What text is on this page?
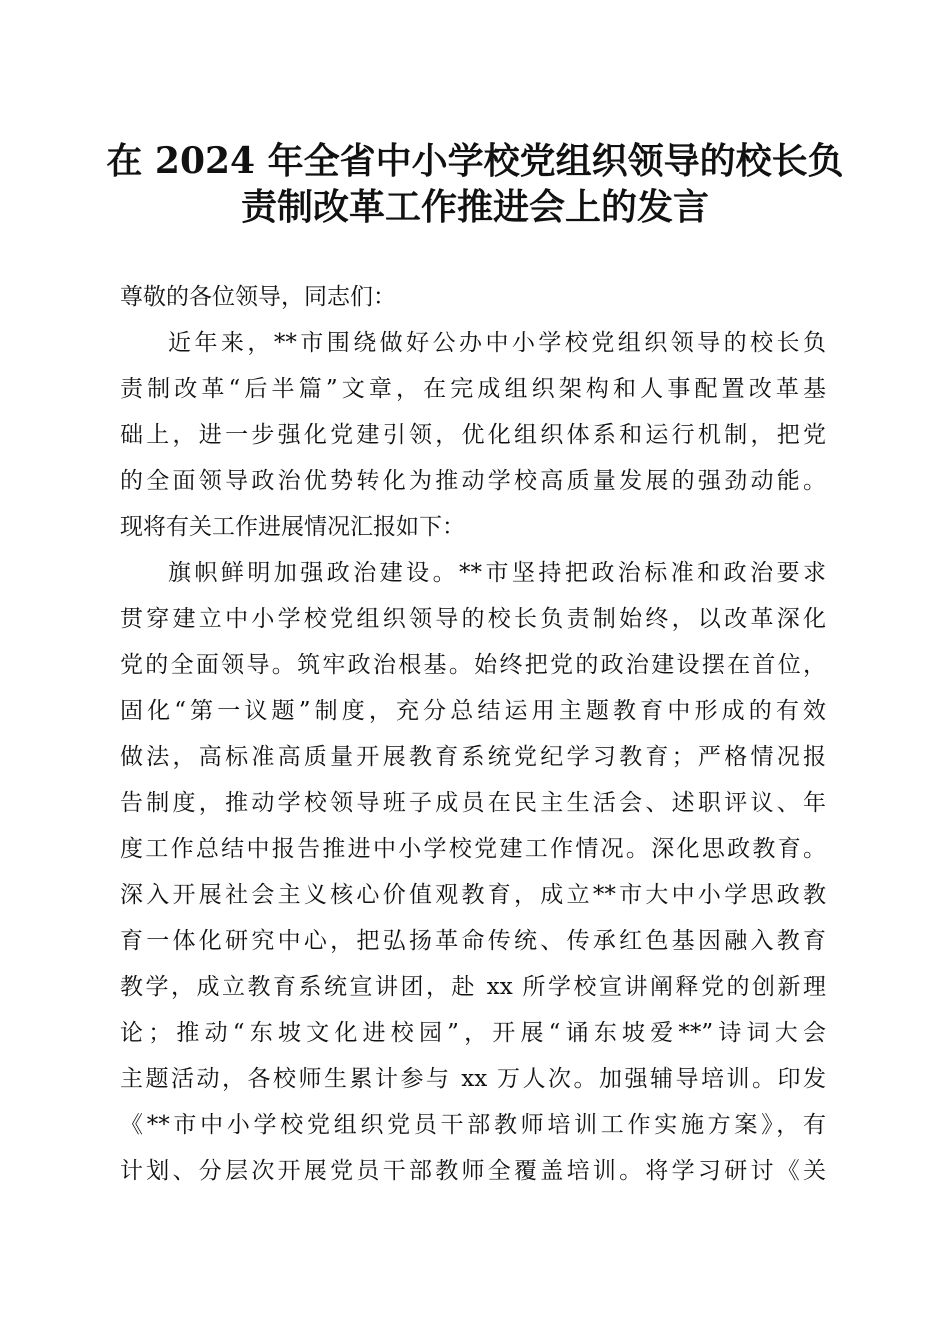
在 2024 年全省中小学校党组织领导的校长负
责制改革工作推进会上的发言
尊敬的各位领导，同志们：
近年来，**市围绕做好公办中小学校党组织领导的校长负
责制改革“后半篇”文章，在完成组织架构和人事配置改革基
础上，进一步强化党建引领，优化组织体系和运行机制，把党
的全面领导政治优势转化为推动学校高质量发展的强劲动能。
现将有关工作进展情况汇报如下：
旗帜鲜明加强政治建设。**市坚持把政治标准和政治要求
贯穿建立中小学校党组织领导的校长负责制始终，以改革深化
党的全面领导。筑牢政治根基。始终把党的政治建设摆在首位，
固化“第一议题”制度，充分总结运用主题教育中形成的有效
做法，高标准高质量开展教育系统党纪学习教育；严格情况报
告制度，推动学校领导班子成员在民主生活会、述职评议、年
度工作总结中报告推进中小学校党建工作情况。深化思政教育。
深入开展社会主义核心价值观教育，成立**市大中小学思政教
育一体化研究中心，把弘扬革命传统、传承红色基因融入教育
教学，成立教育系统宣讲团，赴 xx 所学校宣讲阐释党的创新理
论；推动“东坡文化进校园”，开展“诵东坡爱**”诗词大会
主题活动，各校师生累计参与 xx 万人次。加强辅导培训。印发
《**市中小学校党组织党员干部教师培训工作实施方案》，有
计划、分层次开展党员干部教师全覆盖培训。将学习研讨《关
